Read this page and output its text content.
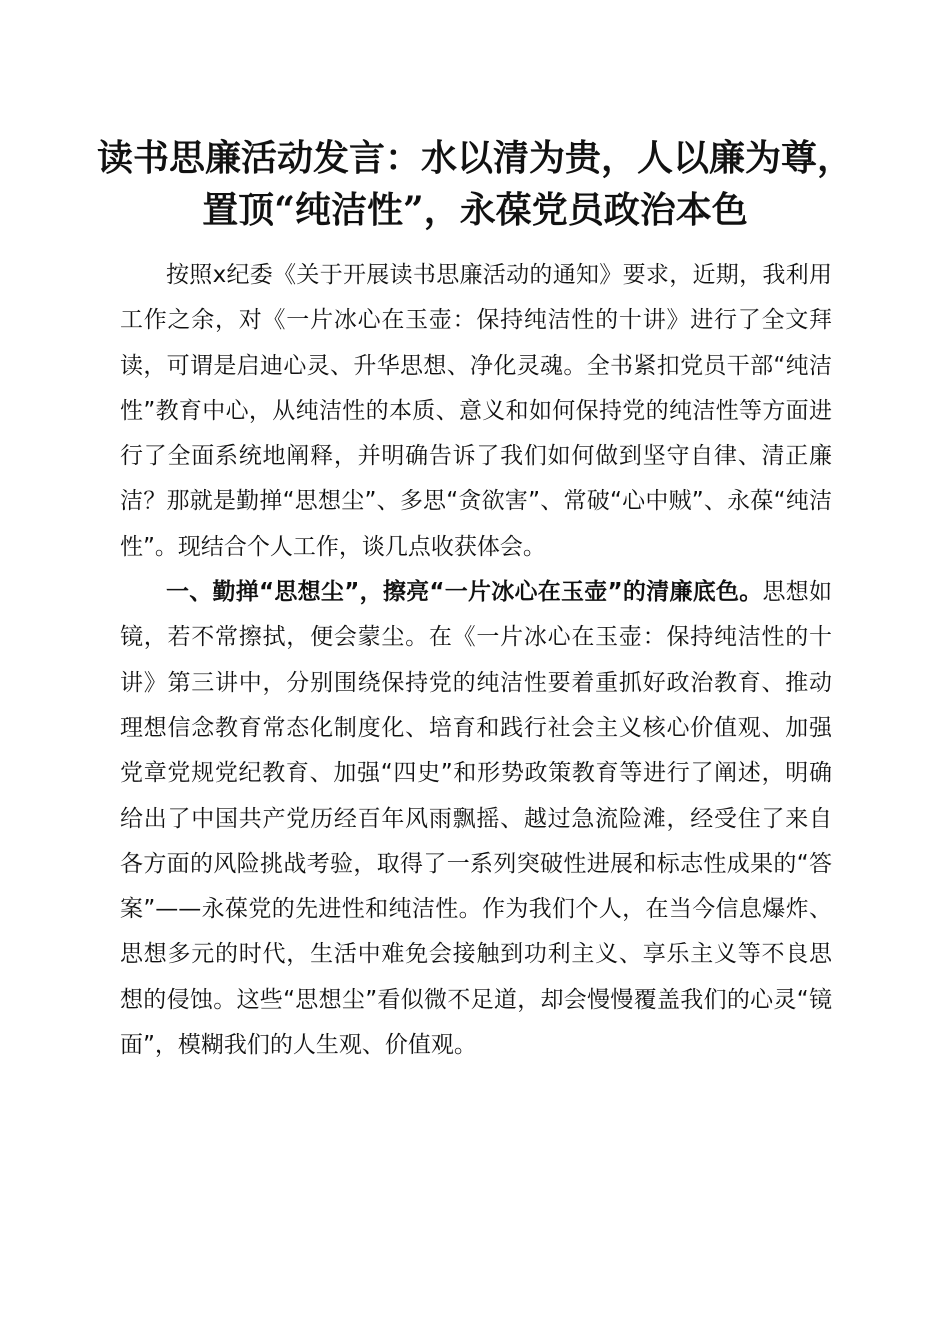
读书思廉活动发言：水以清为贵，人以廉为尊，
置顶“纯洁性”，永葆党员政治本色

按照x纪委《关于开展读书思廉活动的通知》要求，近期，我利用工作之余，对《一片冰心在玉壶：保持纯洁性的十讲》进行了全文拜读，可谓是启迪心灵、升华思想、净化灵魂。全书紧扣党员干部“纯洁性”教育中心，从纯洁性的本质、意义和如何保持党的纯洁性等方面进行了全面系统地阐释，并明确告诉了我们如何做到坚守自律、清正廉洁？那就是勤掸“思想尘”、多思“贪欲害”、常破“心中贼”、永葆“纯洁性”。现结合个人工作，谈几点收获体会。

一、勤掸“思想尘”，擦亮“一片冰心在玉壶”的清廉底色。思想如镜，若不常擦拭，便会蒙尘。在《一片冰心在玉壶：保持纯洁性的十讲》第三讲中，分别围绕保持党的纯洁性要着重抓好政治教育、推动理想信念教育常态化制度化、培育和践行社会主义核心价值观、加强党章党规党纪教育、加强“四史”和形势政策教育等进行了阐述，明确给出了中国共产党历经百年风雨飘摇、越过急流险滩，经受住了来自各方面的风险挑战考验，取得了一系列突破性进展和标志性成果的“答案”——永葆党的先进性和纯洁性。作为我们个人，在当今信息爆炸、思想多元的时代，生活中难免会接触到功利主义、享乐主义等不良思想的侵蚀。这些“思想尘”看似微不足道，却会慢慢覆盖我们的心灵“镜面”，模糊我们的人生观、价值观。
